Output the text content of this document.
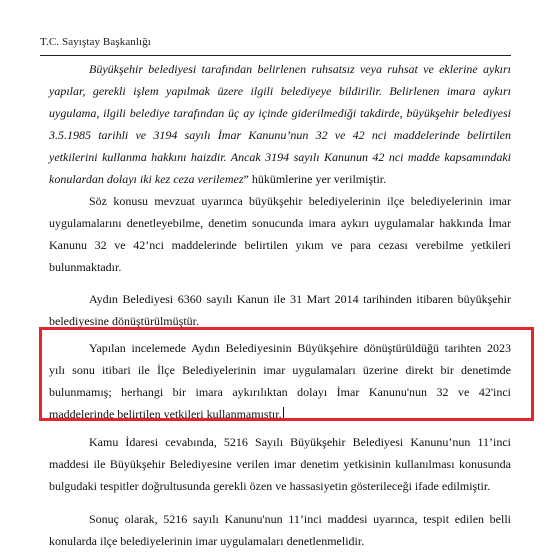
T.C. Sayıştay Başkanlığı

Büyükşehir belediyesi tarafından belirlenen ruhsatsız veya ruhsat ve eklerine aykırı yapılar, gerekli işlem yapılmak üzere ilgili belediyeye bildirilir. Belirlenen imara aykırı uygulama, ilgili belediye tarafından üç ay içinde giderilmediği takdirde, büyükşehir belediyesi 3.5.1985 tarihli ve 3194 sayılı İmar Kanunu’nun 32 ve 42 nci maddelerinde belirtilen yetkilerini kullanma hakkını haizdir. Ancak 3194 sayılı Kanunun 42 nci madde kapsamındaki konulardan dolayı iki kez ceza verilemez” hükümlerine yer verilmiştir.

Söz konusu mevzuat uyarınca büyükşehir belediyelerinin ilçe belediyelerinin imar uygulamalarını denetleyebilme, denetim sonucunda imara aykırı uygulamalar hakkında İmar Kanunu 32 ve 42’nci maddelerinde belirtilen yıkım ve para cezası verebilme yetkileri bulunmaktadır.

Aydın Belediyesi 6360 sayılı Kanun ile 31 Mart 2014 tarihinden itibaren büyükşehir belediyesine dönüştürülmüştür.

Yapılan incelemede Aydın Belediyesinin Büyükşehire dönüştürüldüğü tarihten 2023 yılı sonu itibari ile İlçe Belediyelerinin imar uygulamaları üzerine direkt bir denetimde bulunmamış; herhangi bir imara aykırılıktan dolayı İmar Kanunu'nun 32 ve 42'inci maddelerinde belirtilen yetkileri kullanmamıştır.

Kamu İdaresi cevabında, 5216 Sayılı Büyükşehir Belediyesi Kanunu’nun 11’inci maddesi ile Büyükşehir Belediyesine verilen imar denetim yetkisinin kullanılması konusunda bulgudaki tespitler doğrultusunda gerekli özen ve hassasiyetin gösterileceği ifade edilmiştir.

Sonuç olarak, 5216 sayılı Kanunu'nun 11’inci maddesi uyarınca, tespit edilen belli konularda ilçe belediyelerinin imar uygulamaları denetlenmelidir.
